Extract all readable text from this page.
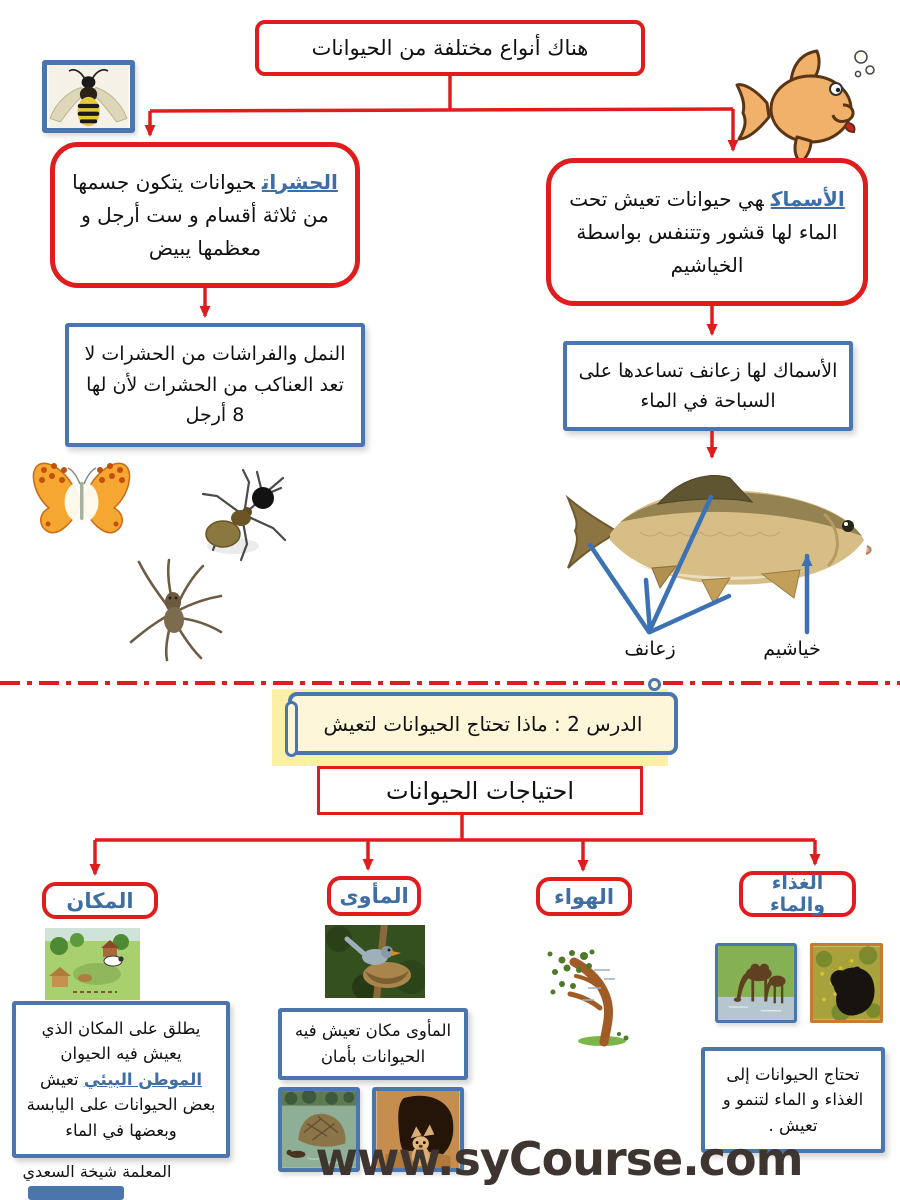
هناك أنواع مختلفة من الحيوانات

الحشراتحيوانات يتكون جسمها من ثلاثة أقسام و ست أرجل و معظمها يبيض

الأسماكهي حيوانات تعيش تحت الماء لها قشور وتتنفس بواسطة الخياشيم

النمل والفراشات من الحشرات لا تعد العناكب من الحشرات لأن لها 8 أرجل

الأسماك لها زعانف تساعدها على السباحة في الماء

زعانف	خياشيم

الدرس 2 : ماذا تحتاج الحيوانات لتعيش

احتياجات الحيوانات

المكان	المأوى	الهواء

الغذاء والماء

يطلق على المكان الذي يعيش فيه الحيوان الموطن البيئي تعيش بعض الحيوانات على اليابسة وبعضها في الماء

المأوى مكان تعيش فيه الحيوانات بأمان

تحتاج الحيوانات إلى الغذاء و الماء لتنمو و تعيش .

المعلمة شيخة السعدي	www.syCourse.com
